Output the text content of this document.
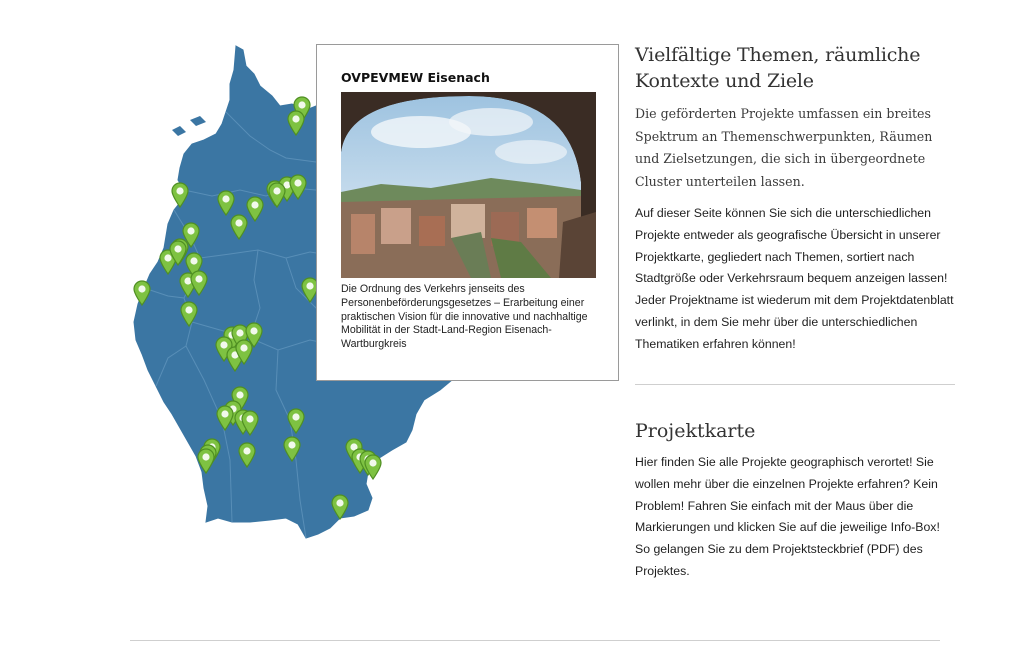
OVPEVMEW Eisenach
Die Ordnung des Verkehrs jenseits des Personenbeförderungsgesetzes – Erarbeitung einer praktischen Vision für die innovative und nachhaltige Mobilität in der Stadt-Land-Region Eisenach-Wartburgkreis
Vielfältige Themen, räumliche Kontexte und Ziele

Die geförderten Projekte umfassen ein breites Spektrum an Themenschwerpunkten, Räumen und Zielsetzungen, die sich in übergeordnete Cluster unterteilen lassen.

Auf dieser Seite können Sie sich die unterschiedlichen Projekte entweder als geografische Übersicht in unserer Projektkarte, gegliedert nach Themen, sortiert nach Stadtgröße oder Verkehrsraum bequem anzeigen lassen! Jeder Projektname ist wiederum mit dem Projektdatenblatt verlinkt, in dem Sie mehr über die unterschiedlichen Thematiken erfahren können!

Projektkarte

Hier finden Sie alle Projekte geographisch verortet! Sie wollen mehr über die einzelnen Projekte erfahren? Kein Problem! Fahren Sie einfach mit der Maus über die Markierungen und klicken Sie auf die jeweilige Info-Box! So gelangen Sie zu dem Projektsteckbrief (PDF) des Projektes.
